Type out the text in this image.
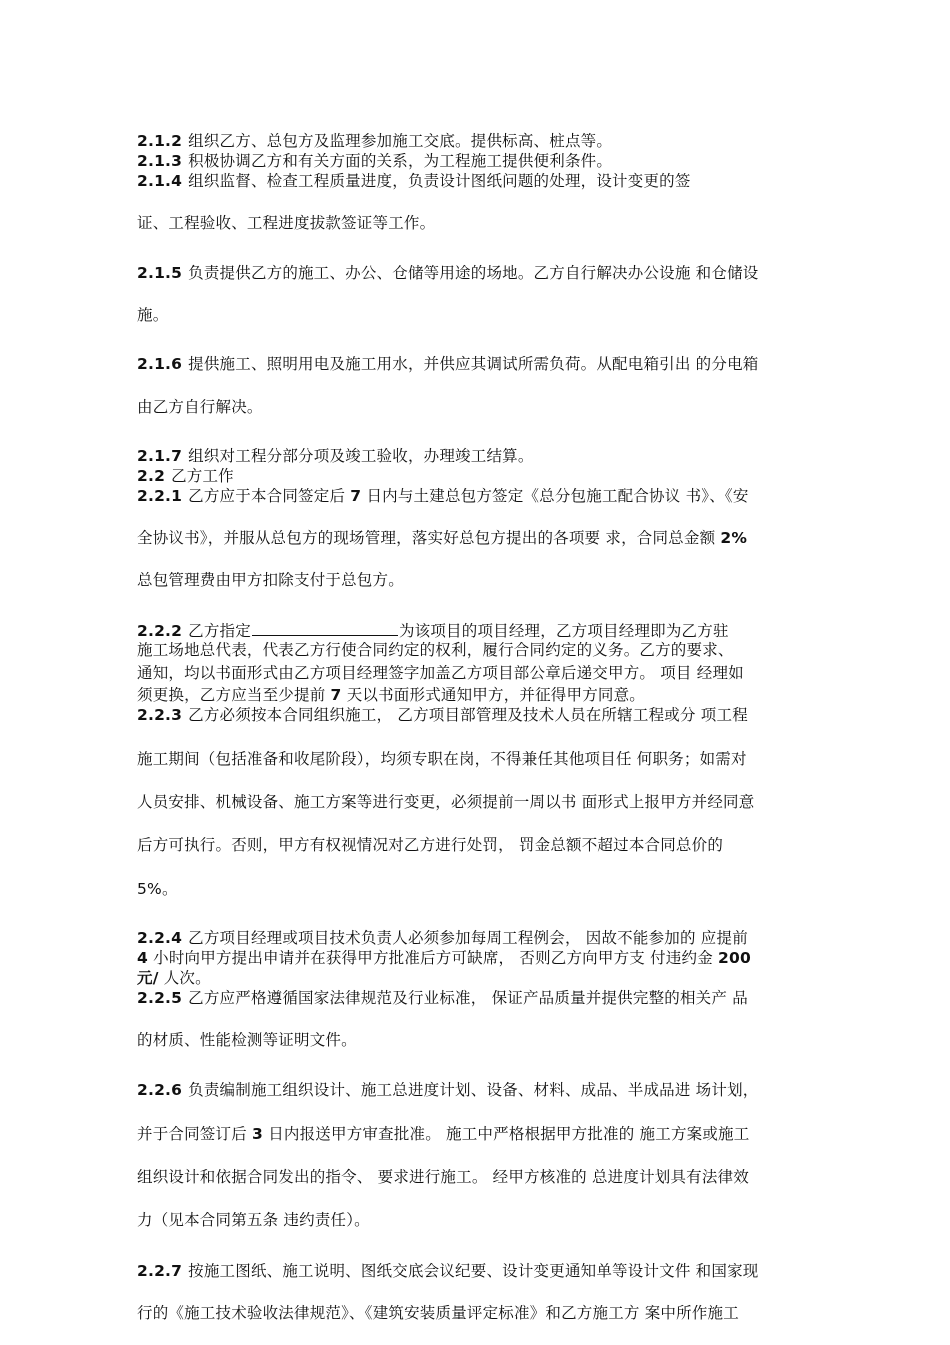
2.1.2 组织乙方、总包方及监理参加施工交底。提供标高、桩点等。
2.1.3 积极协调乙方和有关方面的关系，为工程施工提供便利条件。
2.1.4 组织监督、检查工程质量进度，负责设计图纸问题的处理，设计变更的签
证、工程验收、工程进度拔款签证等工作。
2.1.5 负责提供乙方的施工、办公、仓储等用途的场地。乙方自行解决办公设施 和仓储设
施。
2.1.6 提供施工、照明用电及施工用水，并供应其调试所需负荷。从配电箱引出 的分电箱
由乙方自行解决。
2.1.7 组织对工程分部分项及竣工验收，办理竣工结算。
2.2 乙方工作
2.2.1 乙方应于本合同签定后 7 日内与土建总包方签定《总分包施工配合协议 书》、《安
全协议书》，并服从总包方的现场管理，落实好总包方提出的各项要 求，合同总金额 2%
总包管理费由甲方扣除支付于总包方。
2.2.2 乙方指定	为该项目的项目经理，乙方项目经理即为乙方驻
施工场地总代表，代表乙方行使合同约定的权利，履行合同约定的义务。乙方的要求、
通知，均以书面形式由乙方项目经理签字加盖乙方项目部公章后递交甲方。 项目 经理如
须更换，乙方应当至少提前 7 天以书面形式通知甲方，并征得甲方同意。
2.2.3 乙方必须按本合同组织施工， 乙方项目部管理及技术人员在所辖工程或分 项工程
施工期间（包括准备和收尾阶段），均须专职在岗，不得兼任其他项目任 何职务；如需对
人员安排、机械设备、施工方案等进行变更，必须提前一周以书 面形式上报甲方并经同意
后方可执行。否则，甲方有权视情况对乙方进行处罚， 罚金总额不超过本合同总价的
5%。
2.2.4 乙方项目经理或项目技术负责人必须参加每周工程例会， 因故不能参加的 应提前
4 小时向甲方提出申请并在获得甲方批准后方可缺席， 否则乙方向甲方支 付违约金 200
元/ 人次。
2.2.5 乙方应严格遵循国家法律规范及行业标准， 保证产品质量并提供完整的相关产 品
的材质、性能检测等证明文件。
2.2.6 负责编制施工组织设计、施工总进度计划、设备、材料、成品、半成品进 场计划，
并于合同签订后 3 日内报送甲方审查批准。 施工中严格根据甲方批准的 施工方案或施工
组织设计和依据合同发出的指令、 要求进行施工。 经甲方核准的 总进度计划具有法律效
力（见本合同第五条 违约责任）。
2.2.7 按施工图纸、施工说明、图纸交底会议纪要、设计变更通知单等设计文件 和国家现
行的《施工技术验收法律规范》、《建筑安装质量评定标准》和乙方施工方 案中所作施工
